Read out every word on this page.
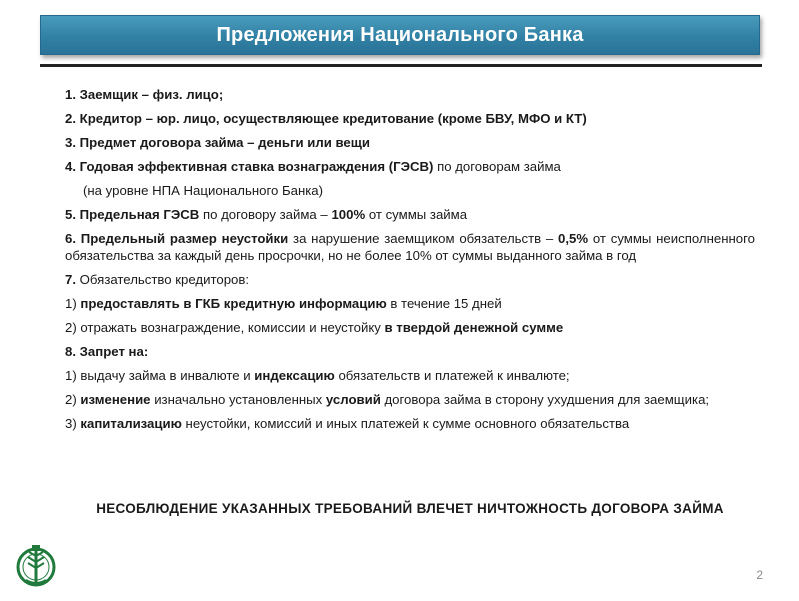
Предложения Национального Банка
1. Заемщик – физ. лицо;
2. Кредитор – юр. лицо, осуществляющее кредитование (кроме БВУ, МФО и КТ)
3. Предмет договора займа – деньги или вещи
4. Годовая эффективная ставка вознаграждения (ГЭСВ) по договорам займа
(на уровне НПА Национального Банка)
5. Предельная ГЭСВ по договору займа – 100% от суммы займа
6. Предельный размер неустойки за нарушение заемщиком обязательств – 0,5% от суммы неисполненного обязательства за каждый день просрочки, но не более 10% от суммы выданного займа в год
7. Обязательство кредиторов:
1) предоставлять в ГКБ кредитную информацию в течение 15 дней
2) отражать вознаграждение, комиссии и неустойку в твердой денежной сумме
8. Запрет на:
1) выдачу займа в инвалюте и индексацию обязательств и платежей к инвалюте;
2) изменение изначально установленных условий договора займа в сторону ухудшения для заемщика;
3) капитализацию неустойки, комиссий и иных платежей к сумме основного обязательства
НЕСОБЛЮДЕНИЕ УКАЗАННЫХ ТРЕБОВАНИЙ ВЛЕЧЕТ НИЧТОЖНОСТЬ ДОГОВОРА ЗАЙМА
2
